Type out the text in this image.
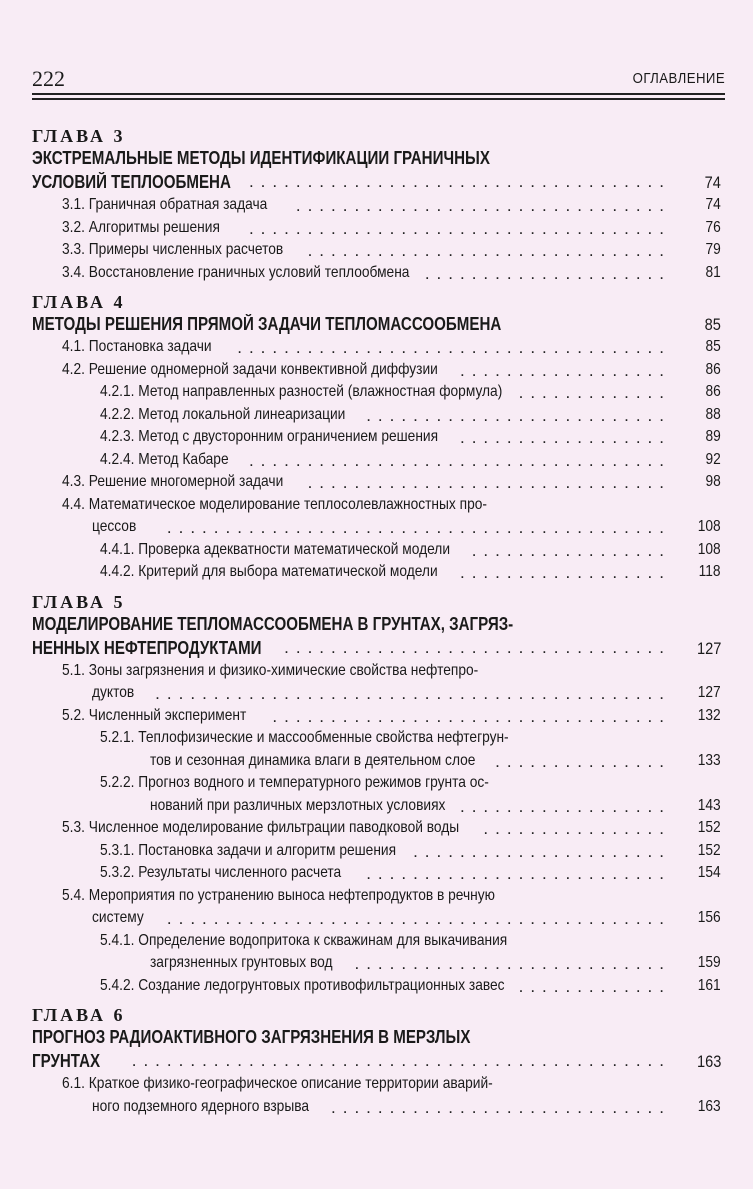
222	ОГЛАВЛЕНИЕ
ГЛАВА 3
ЭКСТРЕМАЛЬНЫЕ МЕТОДЫ ИДЕНТИФИКАЦИИ ГРАНИЧНЫХ
УСЛОВИЙ ТЕПЛООБМЕНА	....................................	74
3.1. Граничная обратная задача	................................	74
3.2. Алгоритмы решения	....................................	76
3.3. Примеры численных расчетов	...............................	79
3.4. Восстановление граничных условий теплообмена .....................	81
ГЛАВА 4
МЕТОДЫ РЕШЕНИЯ ПРЯМОЙ ЗАДАЧИ ТЕПЛОМАССООБМЕНА	85
4.1. Постановка задачи	.....................................	85
4.2. Решение одномерной задачи конвективной диффузии	..................	86
4.2.1. Метод направленных разностей (влажностная формула) .............	86
4.2.2. Метод локальной линеаризации	..........................	88
4.2.3. Метод с двусторонним ограничением решения	..................	89
4.2.4. Метод Кабаре	....................................	92
4.3. Решение многомерной задачи	...............................	98
4.4. Математическое моделирование теплосолевлажностных про-
цессов	...........................................	108
4.4.1. Проверка адекватности математической модели	.................	108
4.4.2. Критерий для выбора математической модели	..................	118
ГЛАВА 5
МОДЕЛИРОВАНИЕ ТЕПЛОМАССООБМЕНА В ГРУНТАХ, ЗАГРЯЗ-
НЕННЫХ НЕФТЕПРОДУКТАМИ	.................................	127
5.1. Зоны загрязнения и физико-химические свойства нефтепро-
дуктов	............................................	127
5.2. Численный эксперимент	..................................	132
5.2.1. Теплофизические и массообменные свойства нефтегрун-
тов и сезонная динамика влаги в деятельном слое	...............	133
5.2.2. Прогноз водного и температурного режимов грунта ос-
нований при различных мерзлотных условиях ..................	143
5.3. Численное моделирование фильтрации паводковой воды	................	152
5.3.1. Постановка задачи и алгоритм решения	......................	152
5.3.2. Результаты численного расчета	..........................	154
5.4. Мероприятия по устранению выноса нефтепродуктов в речную
систему	...........................................	156
5.4.1. Определение водопритока к скважинам для выкачивания
загрязненных грунтовых вод	...........................	159
5.4.2. Создание ледогрунтовых противофильтрационных завес .............	161
ГЛАВА 6
ПРОГНОЗ РАДИОАКТИВНОГО ЗАГРЯЗНЕНИЯ В МЕРЗЛЫХ
ГРУНТАХ	..............................................	163
6.1. Краткое физико-географическое описание территории аварий-
ного подземного ядерного взрыва	.............................	163
